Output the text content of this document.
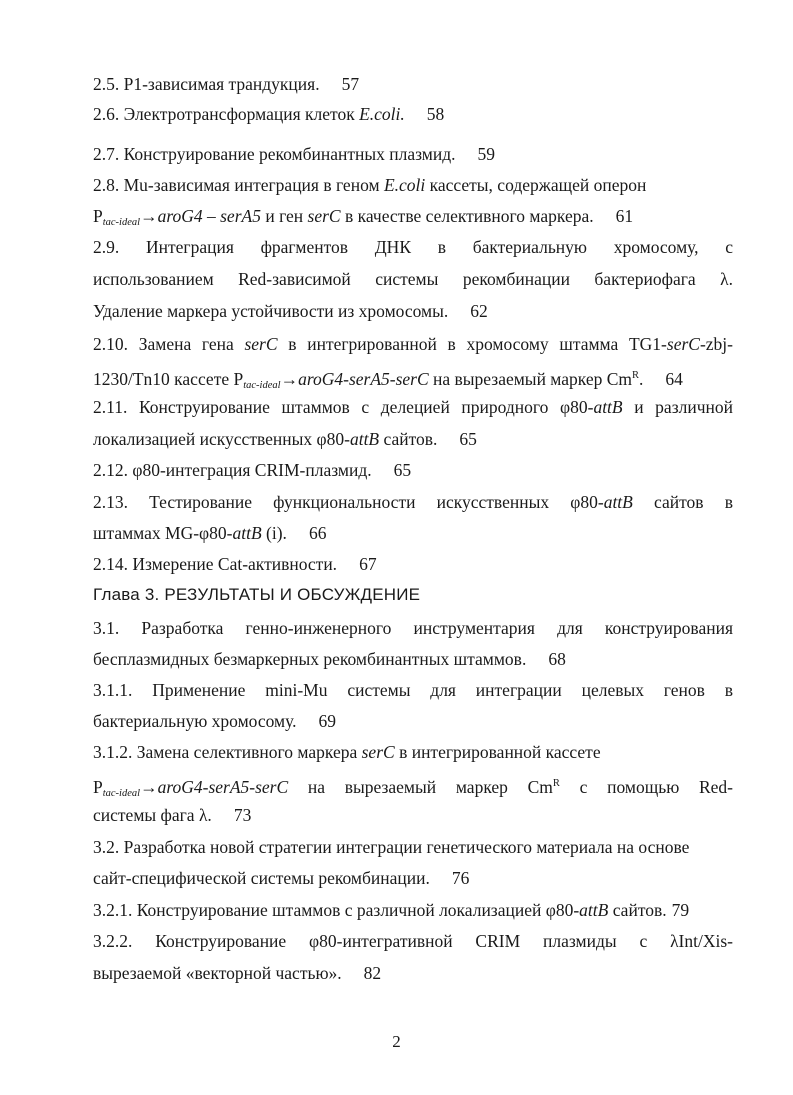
2.5. P1-зависимая трандукция. 57
2.6. Электротрансформация клеток E.coli. 58
2.7. Конструирование рекомбинантных плазмид. 59
2.8. Mu-зависимая интеграция в геном E.coli кассеты, содержащей оперон
$P_{tac-ideal}\to aroG4$ – serA5 и ген serC в качестве селективного маркера. 61
2.9. Интеграция фрагментов ДНК в бактериальную хромосому, с
использованием Red-зависимой системы рекомбинации бактериофага λ.
Удаление маркера устойчивости из хромосомы. 62
2.10. Замена гена serC в интегрированной в хромосому штамма TG1-serC-zbj-
1230/Tn10 кассете $P_{tac-ideal}\to aroG4-serA5$-serC на вырезаемый маркер $Cm^R$. 64
2.11. Конструирование штаммов с делецией природного φ80-attB и различной
локализацией искусственных φ80-attB сайтов. 65
2.12. φ80-интеграция CRIM-плазмид. 65
2.13. Тестирование функциональности искусственных φ80-attB сайтов в
штаммах MG-φ80-attB (i). 66
2.14. Измерение Cat-активности. 67
Глава 3. РЕЗУЛЬТАТЫ И ОБСУЖДЕНИЕ
3.1. Разработка генно-инженерного инструментария для конструирования
бесплазмидных безмаркерных рекомбинантных штаммов. 68
3.1.1. Применение mini-Mu системы для интеграции целевых генов в
бактериальную хромосому. 69
3.1.2. Замена селективного маркера serC в интегрированной кассете
$P_{tac-ideal}\to aroG4-serA5$-serC на вырезаемый маркер $Cm^R$ с помощью Red-
системы фага λ. 73
3.2. Разработка новой стратегии интеграции генетического материала на основе
сайт-специфической системы рекомбинации. 76
3.2.1. Конструирование штаммов с различной локализацией φ80-attB сайтов. 79
3.2.2. Конструирование φ80-интегративной CRIM плазмиды с λInt/Xis-
вырезаемой «векторной частью». 82
2
